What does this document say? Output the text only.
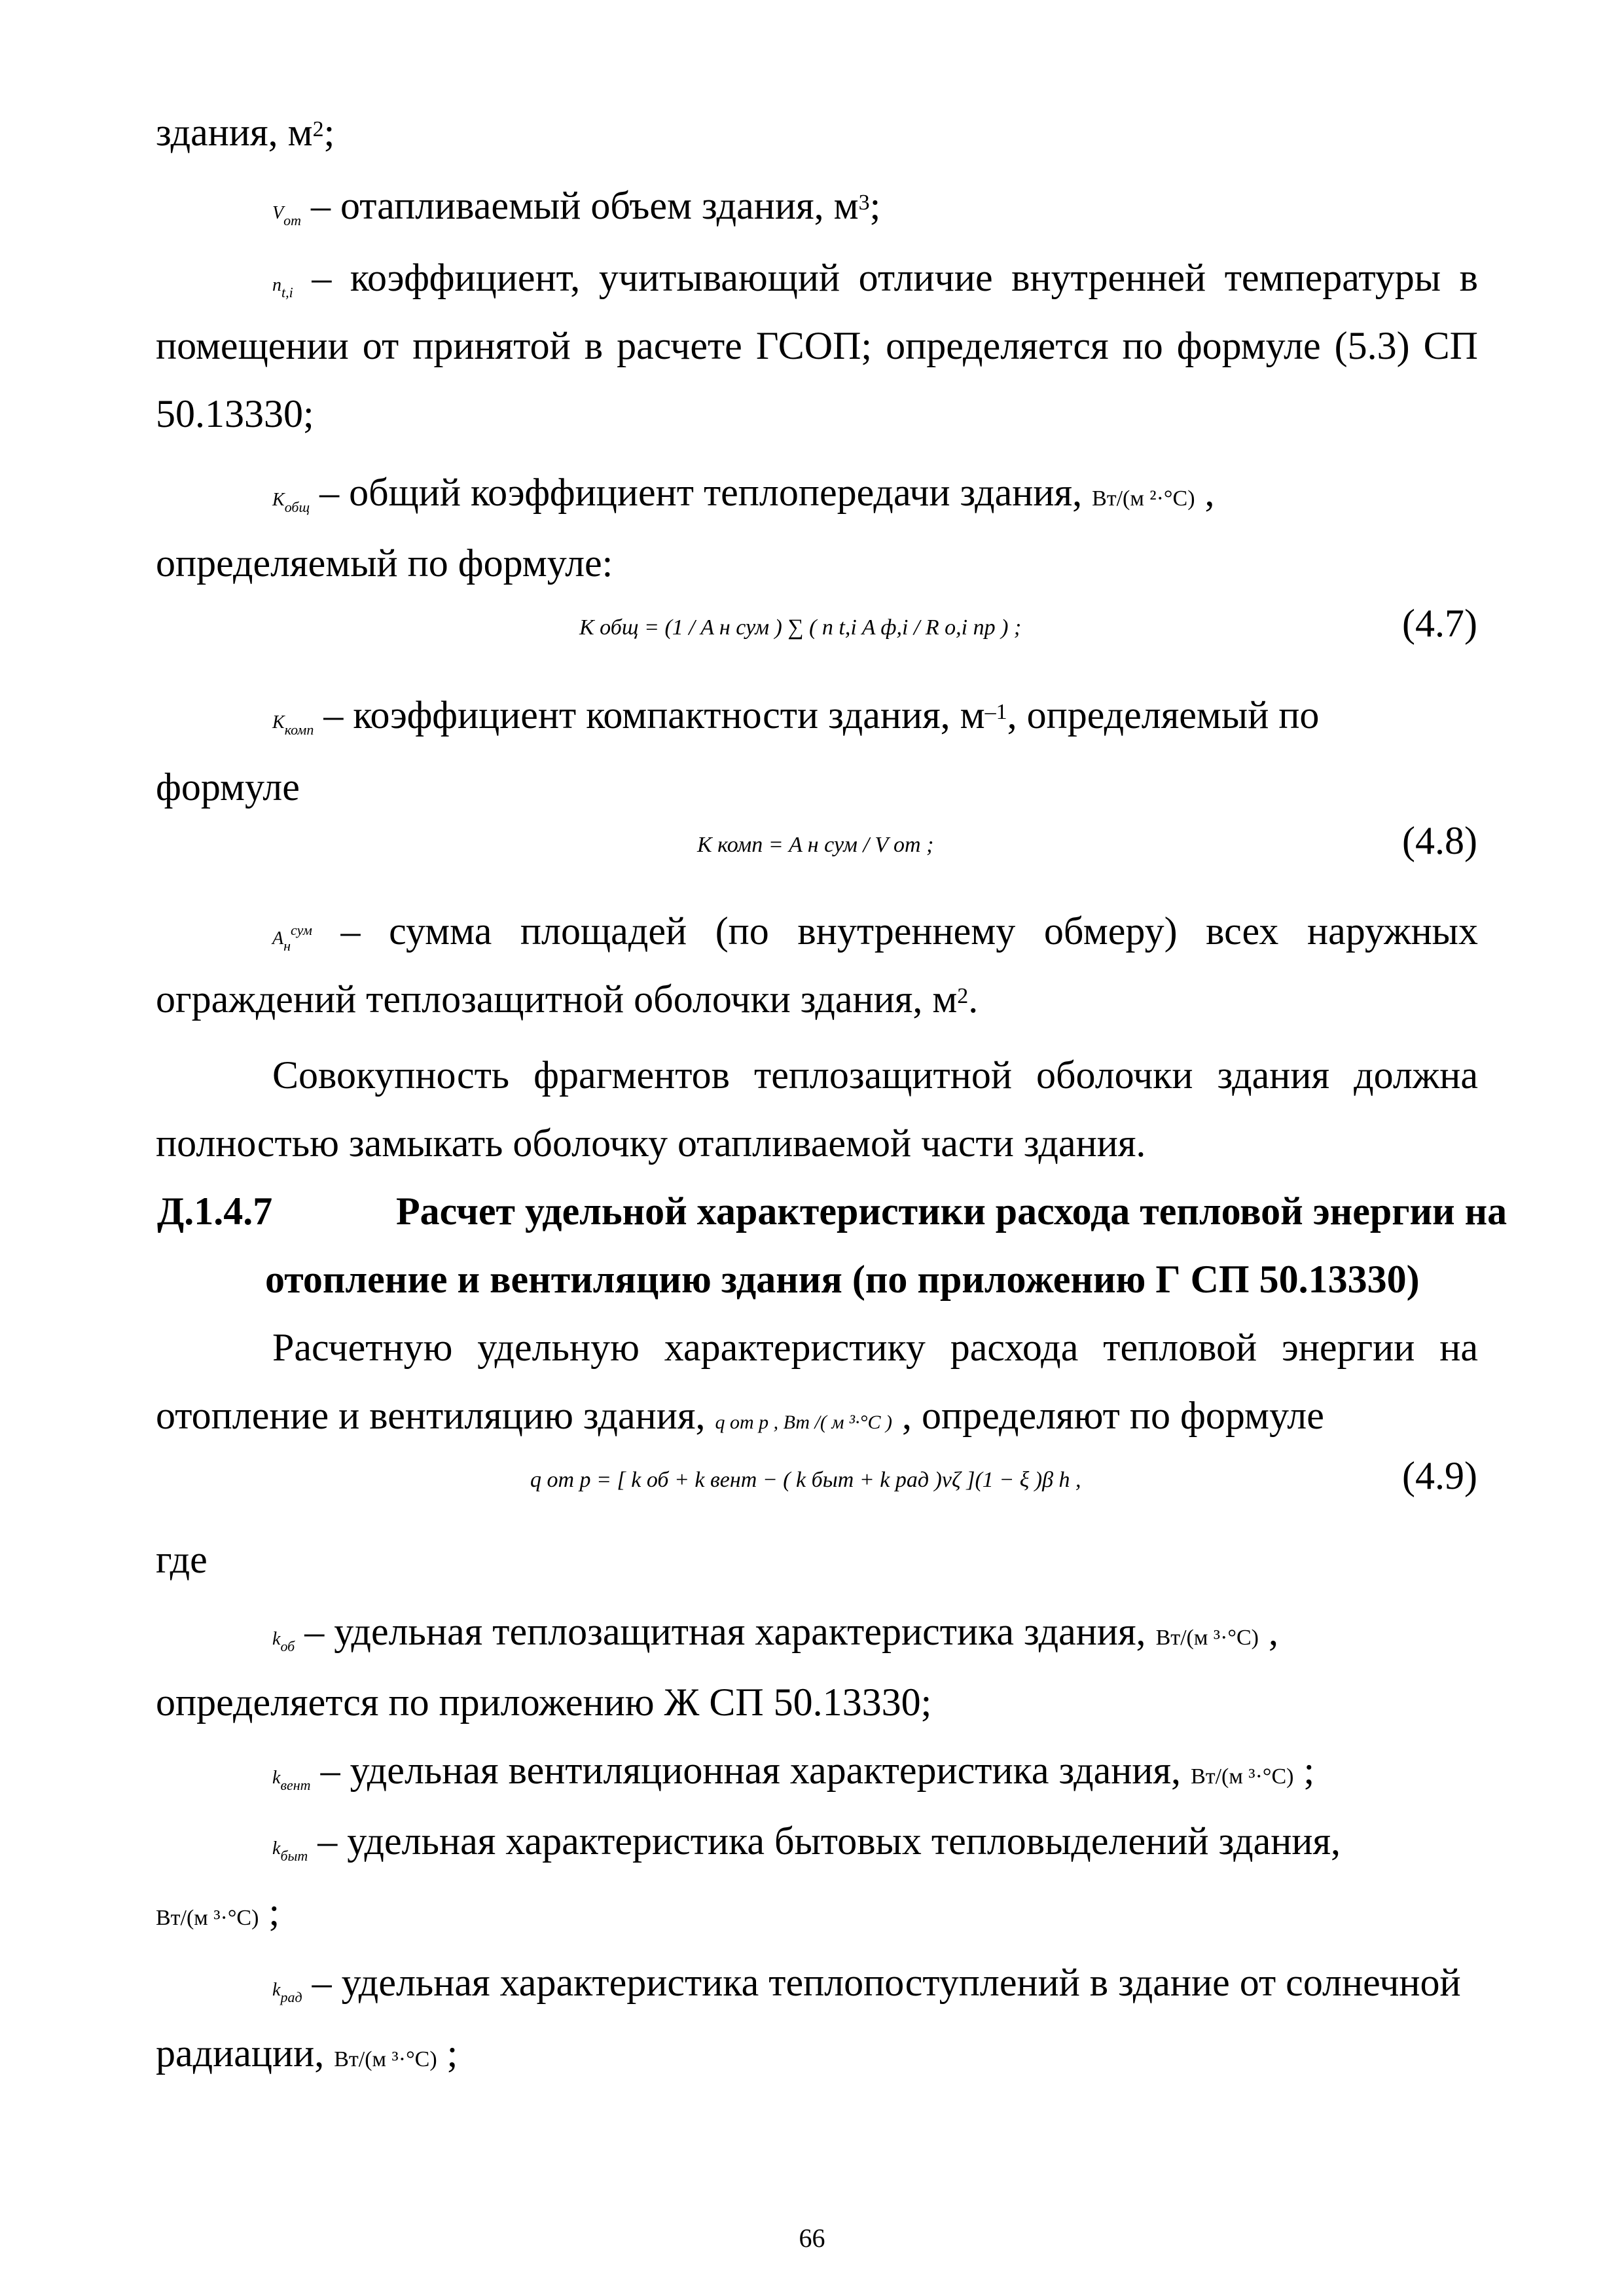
здания, $м^2$;
$V_{от}$ – отапливаемый объем здания, $м^3$;
$n_{t,i}$ – коэффициент, учитывающий отличие внутренней температуры в помещении от принятой в расчете ГСОП; определяется по формуле (5.3) СП 50.13330;
$K_{общ}$ – общий коэффициент теплопередачи здания, Вт/(м ²·°С) ,
определяемый по формуле:
K общ = (1 / A н сум ) ∑ ( n t,i A ф,i / R о,i пр ) ;	(4.7)
$K_{комп}$ – коэффициент компактности здания, $м^{-1}$, определяемый по
формуле
K комп = A н сум / V от ;	(4.8)
$A_н^{сум}$ – сумма площадей (по внутреннему обмеру) всех наружных ограждений теплозащитной оболочки здания, $м^2$.
Совокупность фрагментов теплозащитной оболочки здания должна полностью замыкать оболочку отапливаемой части здания.
Д.1.4.7	Расчет удельной характеристики расхода тепловой энергии на
отопление и вентиляцию здания (по приложению Г СП 50.13330)
Расчетную удельную характеристику расхода тепловой энергии на
отопление и вентиляцию здания, q от р , Вт /( м ³·°С ) , определяют по формуле
q от р = [ k об + k вент − ( k быт + k рад )νζ ](1 − ξ )β h ,	(4.9)
где
$k_{об}$ – удельная теплозащитная характеристика здания, Вт/(м ³·°С) ,
определяется по приложению Ж СП 50.13330;
$k_{вент}$ – удельная вентиляционная характеристика здания, Вт/(м ³·°С) ;
$k_{быт}$ – удельная характеристика бытовых тепловыделений здания,
Вт/(м ³·°С) ;
$k_{рад}$ – удельная характеристика теплопоступлений в здание от солнечной
радиации, Вт/(м ³·°С) ;
66
